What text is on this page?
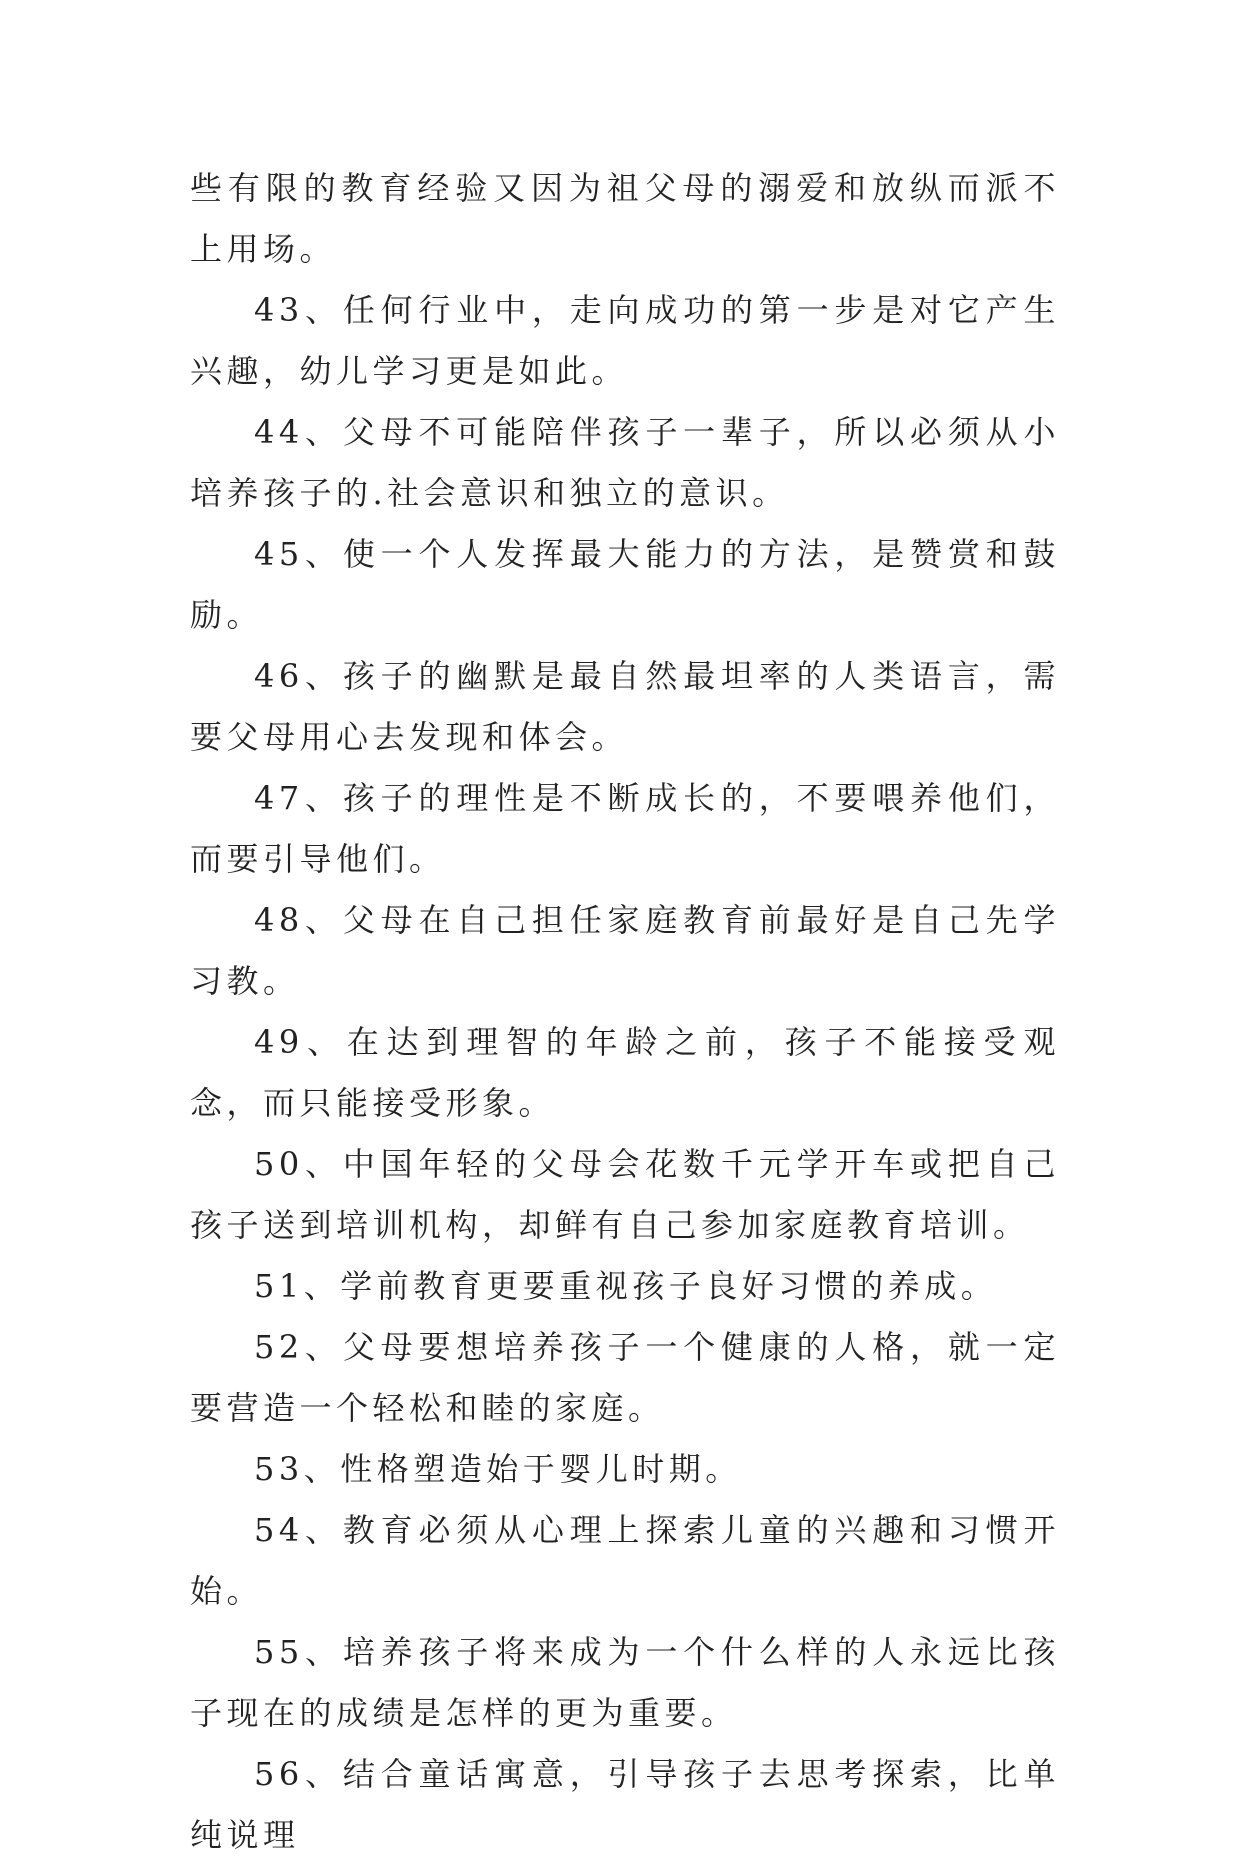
些有限的教育经验又因为祖父母的溺爱和放纵而派不上用场。

43、任何行业中，走向成功的第一步是对它产生兴趣，幼儿学习更是如此。

44、父母不可能陪伴孩子一辈子，所以必须从小培养孩子的.社会意识和独立的意识。

45、使一个人发挥最大能力的方法，是赞赏和鼓励。

46、孩子的幽默是最自然最坦率的人类语言，需要父母用心去发现和体会。

47、孩子的理性是不断成长的，不要喂养他们，而要引导他们。

48、父母在自己担任家庭教育前最好是自己先学习教。

49、在达到理智的年龄之前，孩子不能接受观念，而只能接受形象。

50、中国年轻的父母会花数千元学开车或把自己孩子送到培训机构，却鲜有自己参加家庭教育培训。

51、学前教育更要重视孩子良好习惯的养成。

52、父母要想培养孩子一个健康的人格，就一定要营造一个轻松和睦的家庭。

53、性格塑造始于婴儿时期。

54、教育必须从心理上探索儿童的兴趣和习惯开始。

55、培养孩子将来成为一个什么样的人永远比孩子现在的成绩是怎样的更为重要。

56、结合童话寓意，引导孩子去思考探索，比单纯说理
